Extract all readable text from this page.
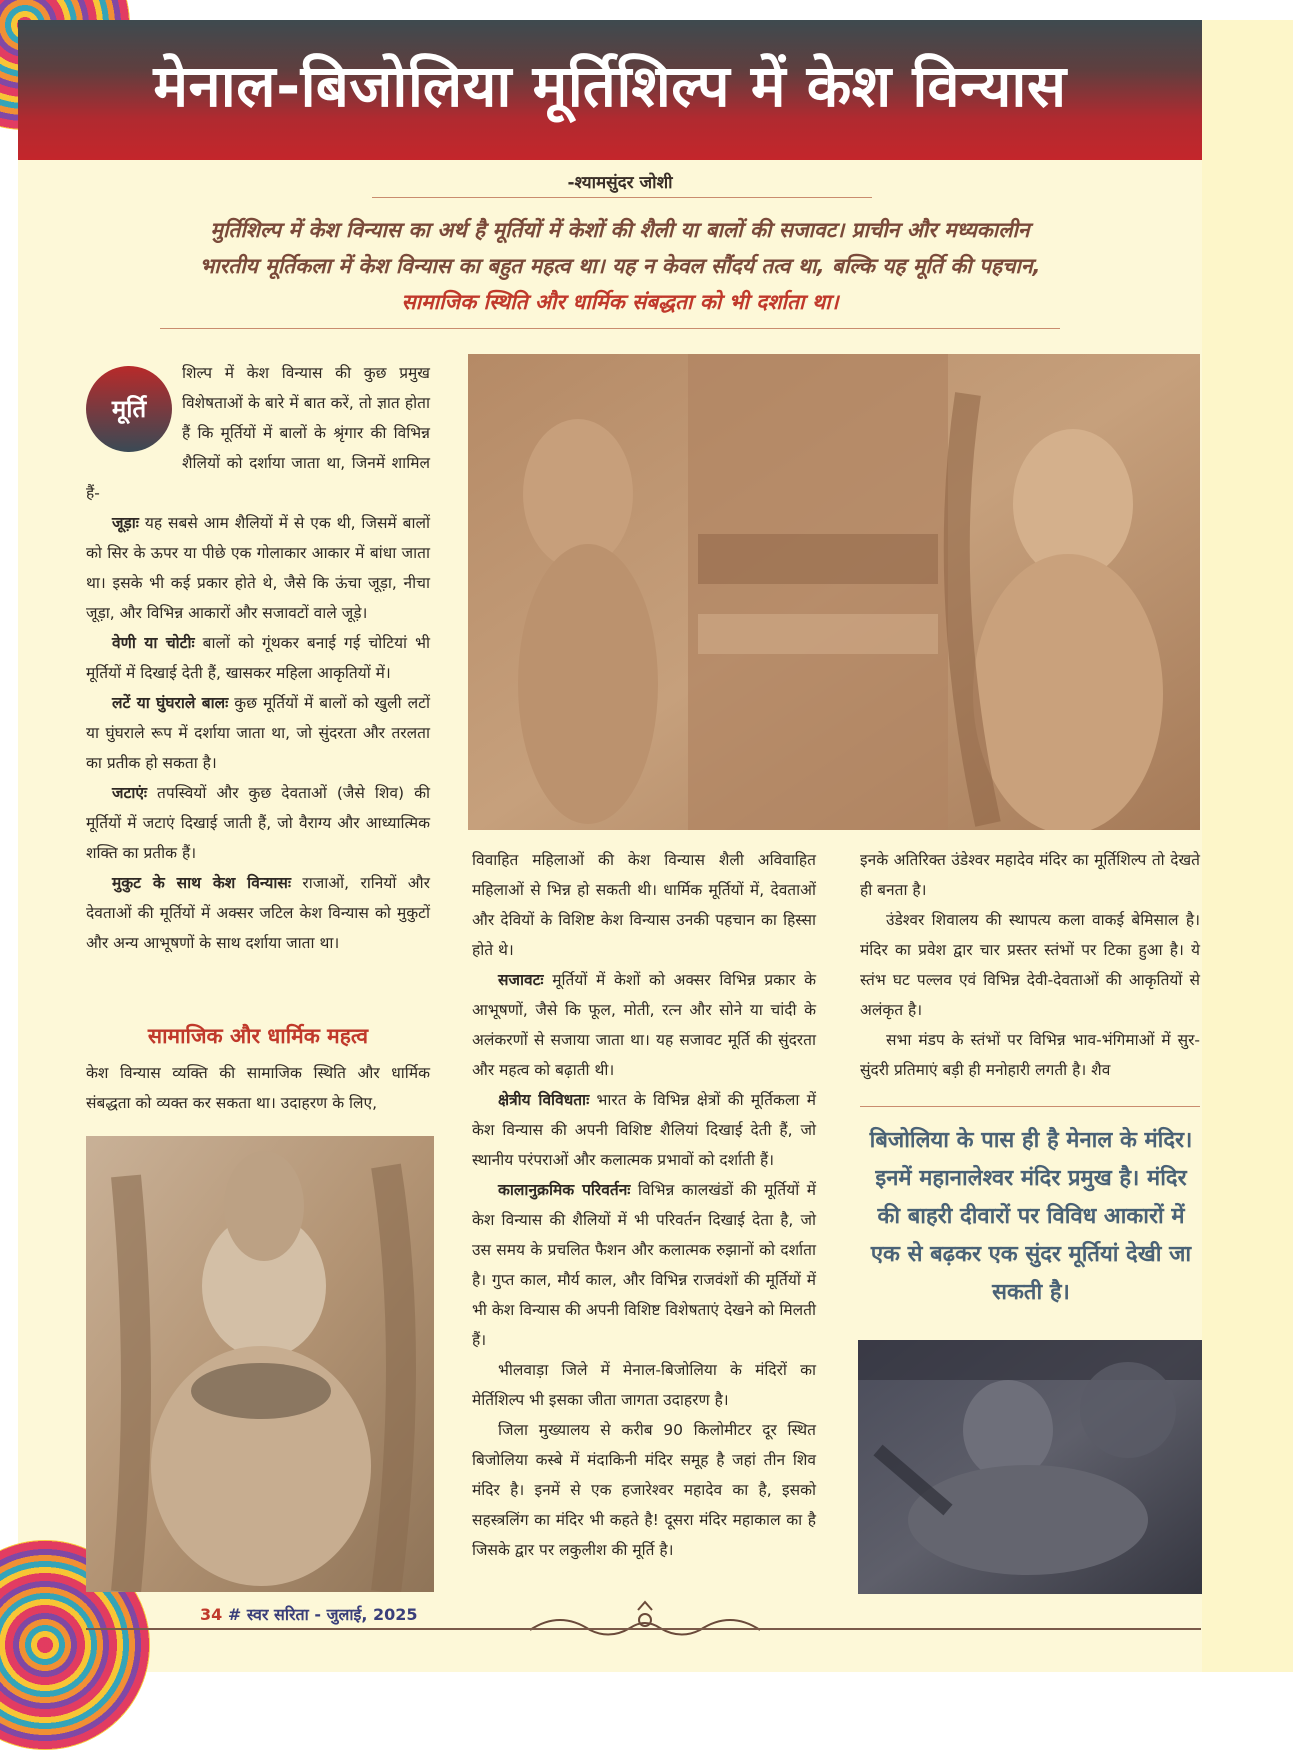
मेनाल-बिजोलिया मूर्तिशिल्प में केश विन्यास
-श्यामसुंदर जोशी
मुर्तिशिल्प में केश विन्यास का अर्थ है मूर्तियों में केशों की शैली या बालों की सजावट। प्राचीन और मध्यकालीन
भारतीय मूर्तिकला में केश विन्यास का बहुत महत्व था। यह न केवल सौंदर्य तत्व था, बल्कि यह मूर्ति की पहचान,
सामाजिक स्थिति और धार्मिक संबद्धता को भी दर्शाता था।
मूर्ति

शिल्प में केश विन्यास की कुछ प्रमुख विशेषताओं के बारे में बात करें, तो ज्ञात होता हैं कि मूर्तियों में बालों के श्रृंगार की विभिन्न शैलियों को दर्शाया जाता था, जिनमें शामिल हैं-

जूड़ाः यह सबसे आम शैलियों में से एक थी, जिसमें बालों को सिर के ऊपर या पीछे एक गोलाकार आकार में बांधा जाता था। इसके भी कई प्रकार होते थे, जैसे कि ऊंचा जूड़ा, नीचा जूड़ा, और विभिन्न आकारों और सजावटों वाले जूड़े।

वेणी या चोटीः बालों को गूंथकर बनाई गई चोटियां भी मूर्तियों में दिखाई देती हैं, खासकर महिला आकृतियों में।

लटें या घुंघराले बालः कुछ मूर्तियों में बालों को खुली लटों या घुंघराले रूप में दर्शाया जाता था, जो सुंदरता और तरलता का प्रतीक हो सकता है।

जटाएंः तपस्वियों और कुछ देवताओं (जैसे शिव) की मूर्तियों में जटाएं दिखाई जाती हैं, जो वैराग्य और आध्यात्मिक शक्ति का प्रतीक हैं।

मुकुट के साथ केश विन्यासः राजाओं, रानियों और देवताओं की मूर्तियों में अक्सर जटिल केश विन्यास को मुकुटों और अन्य आभूषणों के साथ दर्शाया जाता था।

सामाजिक और धार्मिक महत्व

केश विन्यास व्यक्ति की सामाजिक स्थिति और धार्मिक संबद्धता को व्यक्त कर सकता था। उदाहरण के लिए,

विवाहित महिलाओं की केश विन्यास शैली अविवाहित महिलाओं से भिन्न हो सकती थी। धार्मिक मूर्तियों में, देवताओं और देवियों के विशिष्ट केश विन्यास उनकी पहचान का हिस्सा होते थे।

सजावटः मूर्तियों में केशों को अक्सर विभिन्न प्रकार के आभूषणों, जैसे कि फूल, मोती, रत्न और सोने या चांदी के अलंकरणों से सजाया जाता था। यह सजावट मूर्ति की सुंदरता और महत्व को बढ़ाती थी।

क्षेत्रीय विविधताः भारत के विभिन्न क्षेत्रों की मूर्तिकला में केश विन्यास की अपनी विशिष्ट शैलियां दिखाई देती हैं, जो स्थानीय परंपराओं और कलात्मक प्रभावों को दर्शाती हैं।

कालानुक्रमिक परिवर्तनः विभिन्न कालखंडों की मूर्तियों में केश विन्यास की शैलियों में भी परिवर्तन दिखाई देता है, जो उस समय के प्रचलित फैशन और कलात्मक रुझानों को दर्शाता है। गुप्त काल, मौर्य काल, और विभिन्न राजवंशों की मूर्तियों में भी केश विन्यास की अपनी विशिष्ट विशेषताएं देखने को मिलती हैं।

भीलवाड़ा जिले में मेनाल-बिजोलिया के मंदिरों का मेर्तिशिल्प भी इसका जीता जागता उदाहरण है।

जिला मुख्यालय से करीब 90 किलोमीटर दूर स्थित बिजोलिया कस्बे में मंदाकिनी मंदिर समूह है जहां तीन शिव मंदिर है। इनमें से एक हजारेश्वर महादेव का है, इसको सहस्त्रलिंग का मंदिर भी कहते है! दूसरा मंदिर महाकाल का है जिसके द्वार पर लकुलीश की मूर्ति है।

इनके अतिरिक्त उंडेश्वर महादेव मंदिर का मूर्तिशिल्प तो देखते ही बनता है।

उंडेश्वर शिवालय की स्थापत्य कला वाकई बेमिसाल है। मंदिर का प्रवेश द्वार चार प्रस्तर स्तंभों पर टिका हुआ है। ये स्तंभ घट पल्लव एवं विभिन्न देवी-देवताओं की आकृतियों से अलंकृत है।

सभा मंडप के स्तंभों पर विभिन्न भाव-भंगिमाओं में सुर-सुंदरी प्रतिमाएं बड़ी ही मनोहारी लगती है। शैव

बिजोलिया के पास ही है मेनाल के मंदिर। इनमें महानालेश्वर मंदिर प्रमुख है। मंदिर की बाहरी दीवारों पर विविध आकारों में एक से बढ़कर एक सुंदर मूर्तियां देखी जा सकती है।
34 # स्वर सरिता - जुलाई, 2025
